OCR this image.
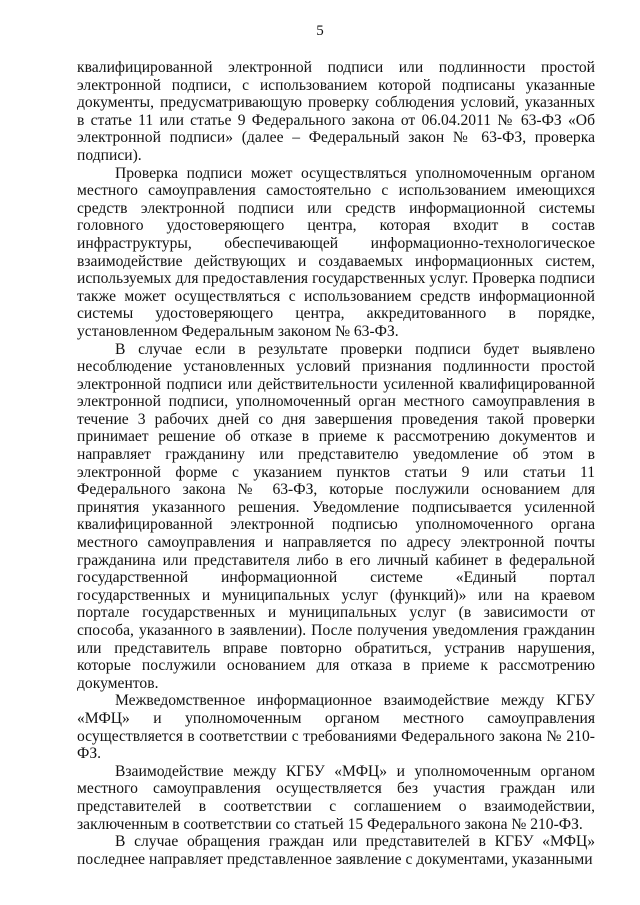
5

квалифицированной электронной подписи или подлинности простой электронной подписи, с использованием которой подписаны указанные документы, предусматривающую проверку соблюдения условий, указанных в статье 11 или статье 9 Федерального закона от 06.04.2011 № 63-ФЗ «Об электронной подписи» (далее – Федеральный закон № 63-ФЗ, проверка подписи).

Проверка подписи может осуществляться уполномоченным органом местного самоуправления самостоятельно с использованием имеющихся средств электронной подписи или средств информационной системы головного удостоверяющего центра, которая входит в состав инфраструктуры, обеспечивающей информационно-технологическое взаимодействие действующих и создаваемых информационных систем, используемых для предоставления государственных услуг. Проверка подписи также может осуществляться с использованием средств информационной системы удостоверяющего центра, аккредитованного в порядке, установленном Федеральным законом № 63-ФЗ.

В случае если в результате проверки подписи будет выявлено несоблюдение установленных условий признания подлинности простой электронной подписи или действительности усиленной квалифицированной электронной подписи, уполномоченный орган местного самоуправления в течение 3 рабочих дней со дня завершения проведения такой проверки принимает решение об отказе в приеме к рассмотрению документов и направляет гражданину или представителю уведомление об этом в электронной форме с указанием пунктов статьи 9 или статьи 11 Федерального закона № 63-ФЗ, которые послужили основанием для принятия указанного решения. Уведомление подписывается усиленной квалифицированной электронной подписью уполномоченного органа местного самоуправления и направляется по адресу электронной почты гражданина или представителя либо в его личный кабинет в федеральной государственной информационной системе «Единый портал государственных и муниципальных услуг (функций)» или на краевом портале государственных и муниципальных услуг (в зависимости от способа, указанного в заявлении). После получения уведомления гражданин или представитель вправе повторно обратиться, устранив нарушения, которые послужили основанием для отказа в приеме к рассмотрению документов.

Межведомственное информационное взаимодействие между КГБУ «МФЦ» и уполномоченным органом местного самоуправления осуществляется в соответствии с требованиями Федерального закона № 210-ФЗ.

Взаимодействие между КГБУ «МФЦ» и уполномоченным органом местного самоуправления осуществляется без участия граждан или представителей в соответствии с соглашением о взаимодействии, заключенным в соответствии со статьей 15 Федерального закона № 210-ФЗ.

В случае обращения граждан или представителей в КГБУ «МФЦ» последнее направляет представленное заявление с документами, указанными
